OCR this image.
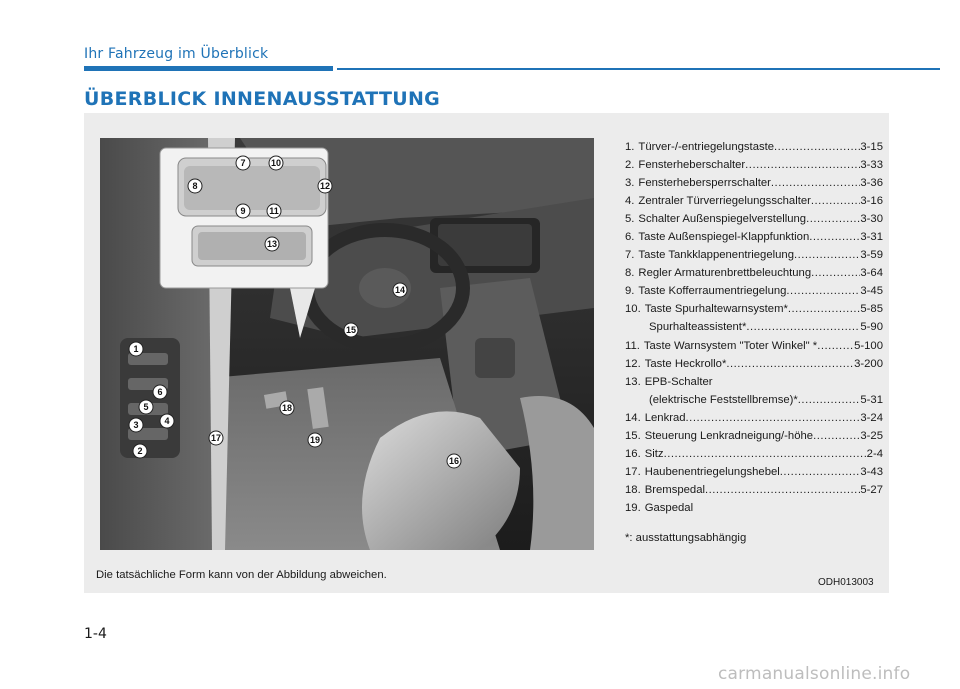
Ihr Fahrzeug im Überblick
ÜBERBLICK INNENAUSSTATTUNG
7	10
8	12
9	11
13
14
15
1
6
5
4
3
2
18
17	19
16
1. Türver-/-entriegelungstaste .....	3-15
2. Fensterheberschalter .....	3-33
3. Fensterhebersperrschalter .....	3-36
4. Zentraler Türverriegelungsschalter .....	3-16
5. Schalter Außenspiegelverstellung .....	3-30
6. Taste Außenspiegel-Klappfunktion .....	3-31
7. Taste Tankklappenentriegelung .....	3-59
8. Regler Armaturenbrettbeleuchtung .....	3-64
9. Taste Kofferraumentriegelung .....	3-45
10. Taste Spurhaltewarnsystem* .....	5-85
Spurhalteassistent* .....	5-90
11. Taste Warnsystem "Toter Winkel" * .....	5-100
12. Taste Heckrollo* .....	3-200
13. EPB-Schalter
(elektrische Feststellbremse)* .....	5-31
14. Lenkrad .....	3-24
15. Steuerung Lenkradneigung/-höhe .....	3-25
16. Sitz .....	2-4
17. Haubenentriegelungshebel .....	3-43
18. Bremspedal .....	5-27
19. Gaspedal
*: ausstattungsabhängig
Die tatsächliche Form kann von der Abbildung abweichen.
ODH013003
1-4
carmanualsonline.info
